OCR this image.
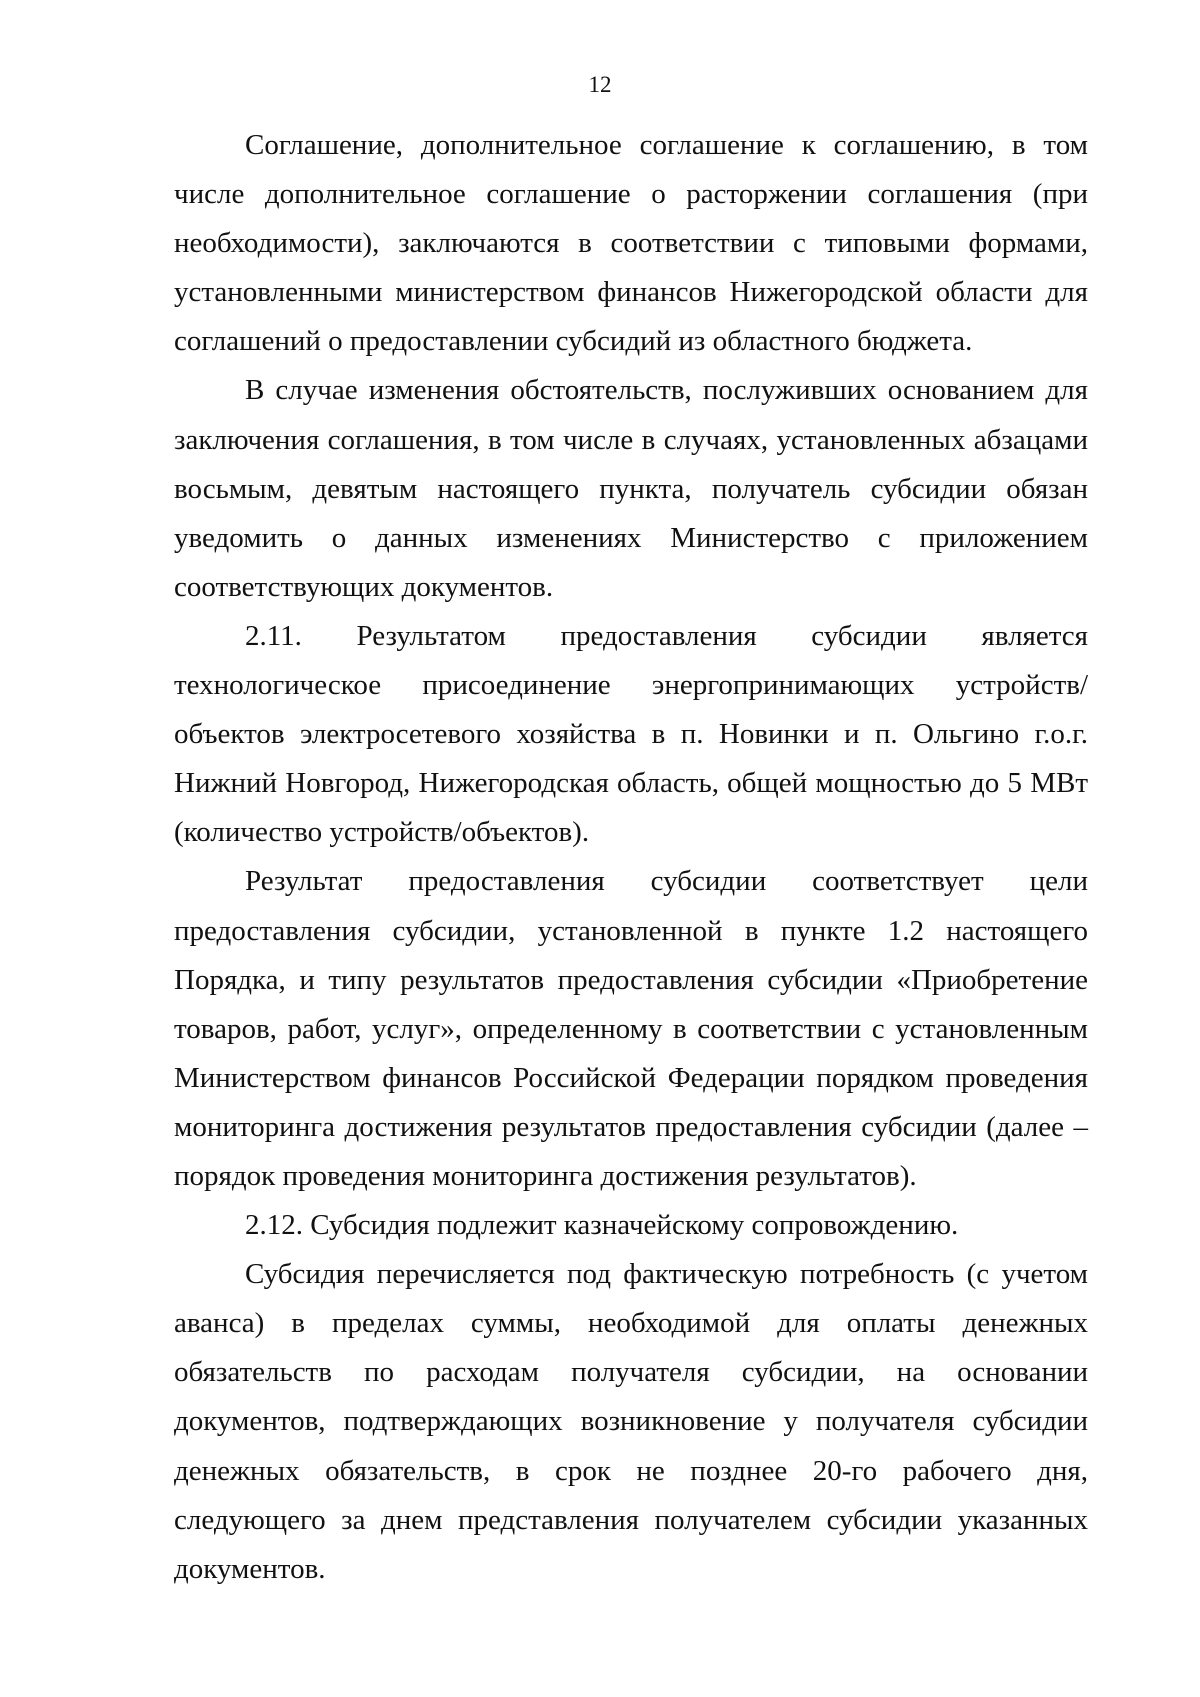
12

Соглашение, дополнительное соглашение к соглашению, в том числе дополнительное соглашение о расторжении соглашения (при необходимости), заключаются в соответствии с типовыми формами, установленными министерством финансов Нижегородской области для соглашений о предоставлении субсидий из областного бюджета.

В случае изменения обстоятельств, послуживших основанием для заключения соглашения, в том числе в случаях, установленных абзацами восьмым, девятым настоящего пункта, получатель субсидии обязан уведомить о данных изменениях Министерство с приложением соответствующих документов.

2.11. Результатом предоставления субсидии является технологическое присоединение энергопринимающих устройств/объектов электросетевого хозяйства в п. Новинки и п. Ольгино г.о.г. Нижний Новгород, Нижегородская область, общей мощностью до 5 МВт (количество устройств/объектов).

Результат предоставления субсидии соответствует цели предоставления субсидии, установленной в пункте 1.2 настоящего Порядка, и типу результатов предоставления субсидии «Приобретение товаров, работ, услуг», определенному в соответствии с установленным Министерством финансов Российской Федерации порядком проведения мониторинга достижения результатов предоставления субсидии (далее – порядок проведения мониторинга достижения результатов).

2.12. Субсидия подлежит казначейскому сопровождению.

Субсидия перечисляется под фактическую потребность (с учетом аванса) в пределах суммы, необходимой для оплаты денежных обязательств по расходам получателя субсидии, на основании документов, подтверждающих возникновение у получателя субсидии денежных обязательств, в срок не позднее 20-го рабочего дня, следующего за днем представления получателем субсидии указанных документов.
